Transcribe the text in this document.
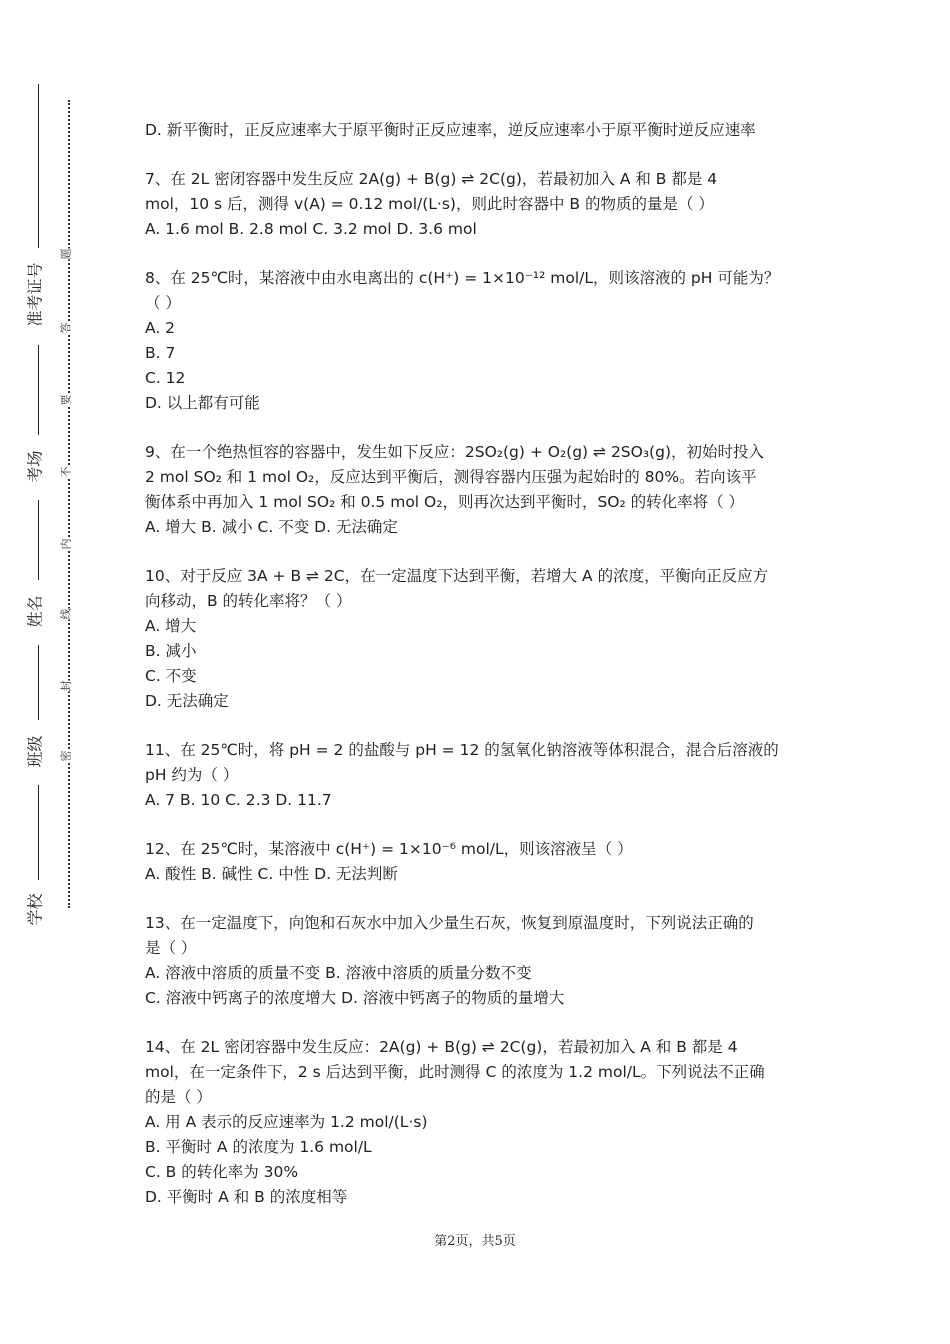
准考证号
考场
姓名
班级
学校
题
答
要
不
内
线
封
密

D. 新平衡时，正反应速率大于原平衡时正反应速率，逆反应速率小于原平衡时逆反应速率

7、在 2L 密闭容器中发生反应 2A(g) + B(g) ⇌ 2C(g)，若最初加入 A 和 B 都是 4

mol，10 s 后，测得 v(A) = 0.12 mol/(L·s)，则此时容器中 B 的物质的量是（ ）

A. 1.6 mol B. 2.8 mol C. 3.2 mol D. 3.6 mol

8、在 25℃时，某溶液中由水电离出的 c(H⁺) = 1×10⁻¹² mol/L，则该溶液的 pH 可能为？

（ ）

A. 2

B. 7

C. 12

D. 以上都有可能

9、在一个绝热恒容的容器中，发生如下反应：2SO₂(g) + O₂(g) ⇌ 2SO₃(g)，初始时投入

2 mol SO₂ 和 1 mol O₂，反应达到平衡后，测得容器内压强为起始时的 80%。若向该平

衡体系中再加入 1 mol SO₂ 和 0.5 mol O₂，则再次达到平衡时，SO₂ 的转化率将（ ）

A. 增大 B. 减小 C. 不变 D. 无法确定

10、对于反应 3A + B ⇌ 2C，在一定温度下达到平衡，若增大 A 的浓度，平衡向正反应方

向移动，B 的转化率将？（ ）

A. 增大

B. 减小

C. 不变

D. 无法确定

11、在 25℃时，将 pH = 2 的盐酸与 pH = 12 的氢氧化钠溶液等体积混合，混合后溶液的

pH 约为（ ）

A. 7 B. 10 C. 2.3 D. 11.7

12、在 25℃时，某溶液中 c(H⁺) = 1×10⁻⁶ mol/L，则该溶液呈（ ）

A. 酸性 B. 碱性 C. 中性 D. 无法判断

13、在一定温度下，向饱和石灰水中加入少量生石灰，恢复到原温度时，下列说法正确的

是（ ）

A. 溶液中溶质的质量不变 B. 溶液中溶质的质量分数不变

C. 溶液中钙离子的浓度增大 D. 溶液中钙离子的物质的量增大

14、在 2L 密闭容器中发生反应：2A(g) + B(g) ⇌ 2C(g)，若最初加入 A 和 B 都是 4

mol，在一定条件下，2 s 后达到平衡，此时测得 C 的浓度为 1.2 mol/L。下列说法不正确

的是（ ）

A. 用 A 表示的反应速率为 1.2 mol/(L·s)

B. 平衡时 A 的浓度为 1.6 mol/L

C. B 的转化率为 30%

D. 平衡时 A 和 B 的浓度相等

第2页，共5页
